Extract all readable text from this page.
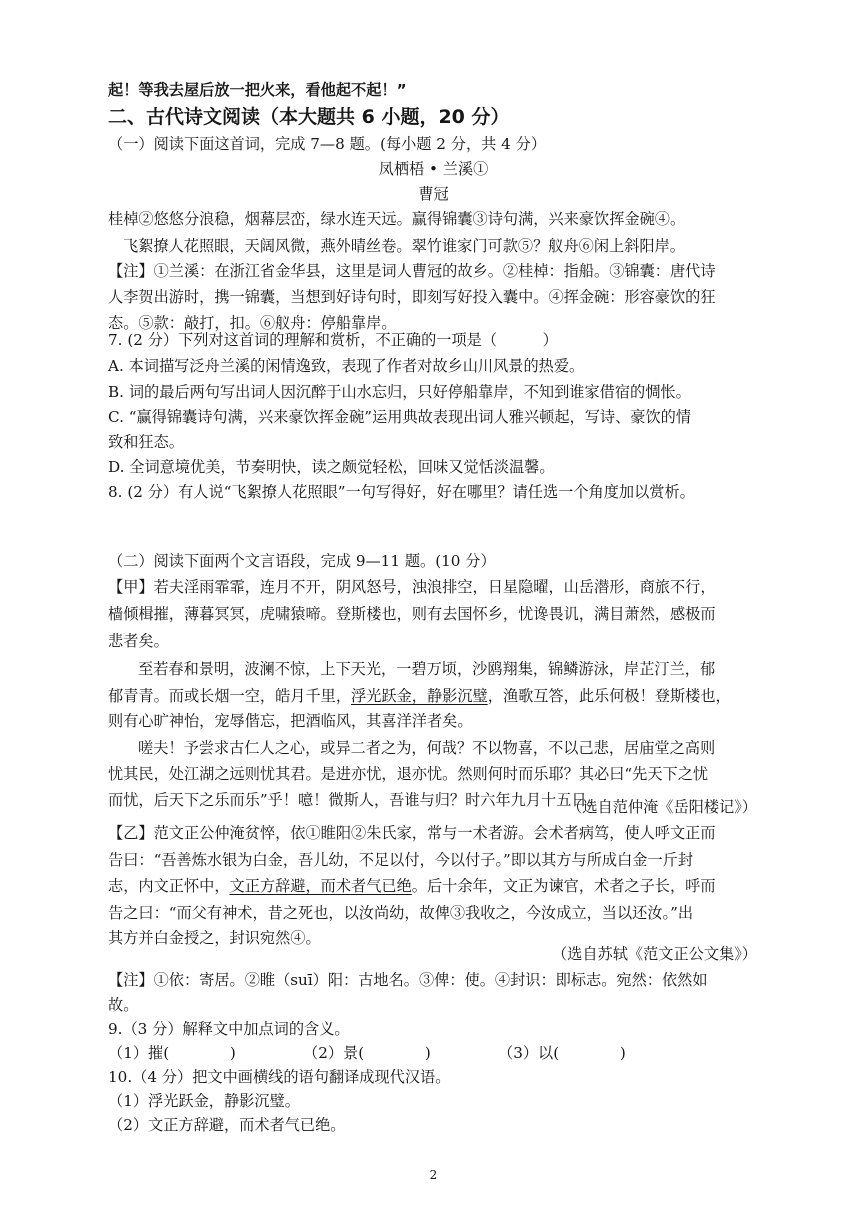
起！等我去屋后放一把火来，看他起不起！”
二、古代诗文阅读（本大题共 6 小题，20 分）
（一）阅读下面这首词，完成 7—8 题。(每小题 2 分，共 4 分）
凤栖梧 • 兰溪①
曹冠
桂棹②悠悠分浪稳，烟幕层峦，绿水连天远。赢得锦囊③诗句满，兴来豪饮挥金碗④。
飞絮撩人花照眼，天阔风微，燕外晴丝卷。翠竹谁家门可款⑤？舣舟⑥闲上斜阳岸。
【注】①兰溪：在浙江省金华县，这里是词人曹冠的故乡。②桂棹：指船。③锦囊：唐代诗
人李贺出游时，携一锦囊，当想到好诗句时，即刻写好投入囊中。④挥金碗：形容豪饮的狂
态。⑤款：敲打，扣。⑥舣舟：停船靠岸。
7. (2 分）下列对这首词的理解和赏析，不正确的一项是（　　　）
A. 本词描写泛舟兰溪的闲情逸致，表现了作者对故乡山川风景的热爱。
B. 词的最后两句写出词人因沉醉于山水忘归，只好停船靠岸，不知到谁家借宿的惆怅。
C. “赢得锦囊诗句满，兴来豪饮挥金碗”运用典故表现出词人雅兴顿起，写诗、豪饮的情
致和狂态。
D. 全词意境优美，节奏明快，读之颇觉轻松，回味又觉恬淡温馨。
8. (2 分）有人说“飞絮撩人花照眼”一句写得好，好在哪里？请任选一个角度加以赏析。
（二）阅读下面两个文言语段，完成 9—11 题。(10 分）
【甲】若夫淫雨霏霏，连月不开，阴风怒号，浊浪排空，日星隐曜，山岳潜形，商旅不行，
樯倾楫摧，薄暮冥冥，虎啸猿啼。登斯楼也，则有去国怀乡，忧谗畏讥，满目萧然，感极而
悲者矣。
至若春和景明，波澜不惊，上下天光，一碧万顷，沙鸥翔集，锦鳞游泳，岸芷汀兰，郁
郁青青。而或长烟一空，皓月千里，浮光跃金，静影沉璧，渔歌互答，此乐何极！登斯楼也，
则有心旷神怡，宠辱偕忘，把酒临风，其喜洋洋者矣。
嗟夫！予尝求古仁人之心，或异二者之为，何哉？不以物喜，不以己悲，居庙堂之高则
忧其民，处江湖之远则忧其君。是进亦忧，退亦忧。然则何时而乐耶？其必曰“先天下之忧
而忧，后天下之乐而乐”乎！噫！微斯人，吾谁与归？时六年九月十五日。
（选自范仲淹《岳阳楼记》）
【乙】范文正公仲淹贫悴，依①睢阳②朱氏家，常与一术者游。会术者病笃，使人呼文正而
告曰：“吾善炼水银为白金，吾儿幼，不足以付，今以付子。”即以其方与所成白金一斤封
志，内文正怀中，文正方辞避，而术者气已绝。后十余年，文正为谏官，术者之子长，呼而
告之曰：“而父有神术，昔之死也，以汝尚幼，故俾③我收之，今汝成立，当以还汝。”出
其方并白金授之，封识宛然④。
（选自苏轼《范文正公文集》）
【注】①依：寄居。②睢（suī）阳：古地名。③俾：使。④封识：即标志。宛然：依然如
故。
9.（3 分）解释文中加点词的含义。
（1）摧(　　　　)	（2）景(　　　　)	（3）以(　　　　)
10.（4 分）把文中画横线的语句翻译成现代汉语。
（1）浮光跃金，静影沉璧。
（2）文正方辞避，而术者气已绝。
2
